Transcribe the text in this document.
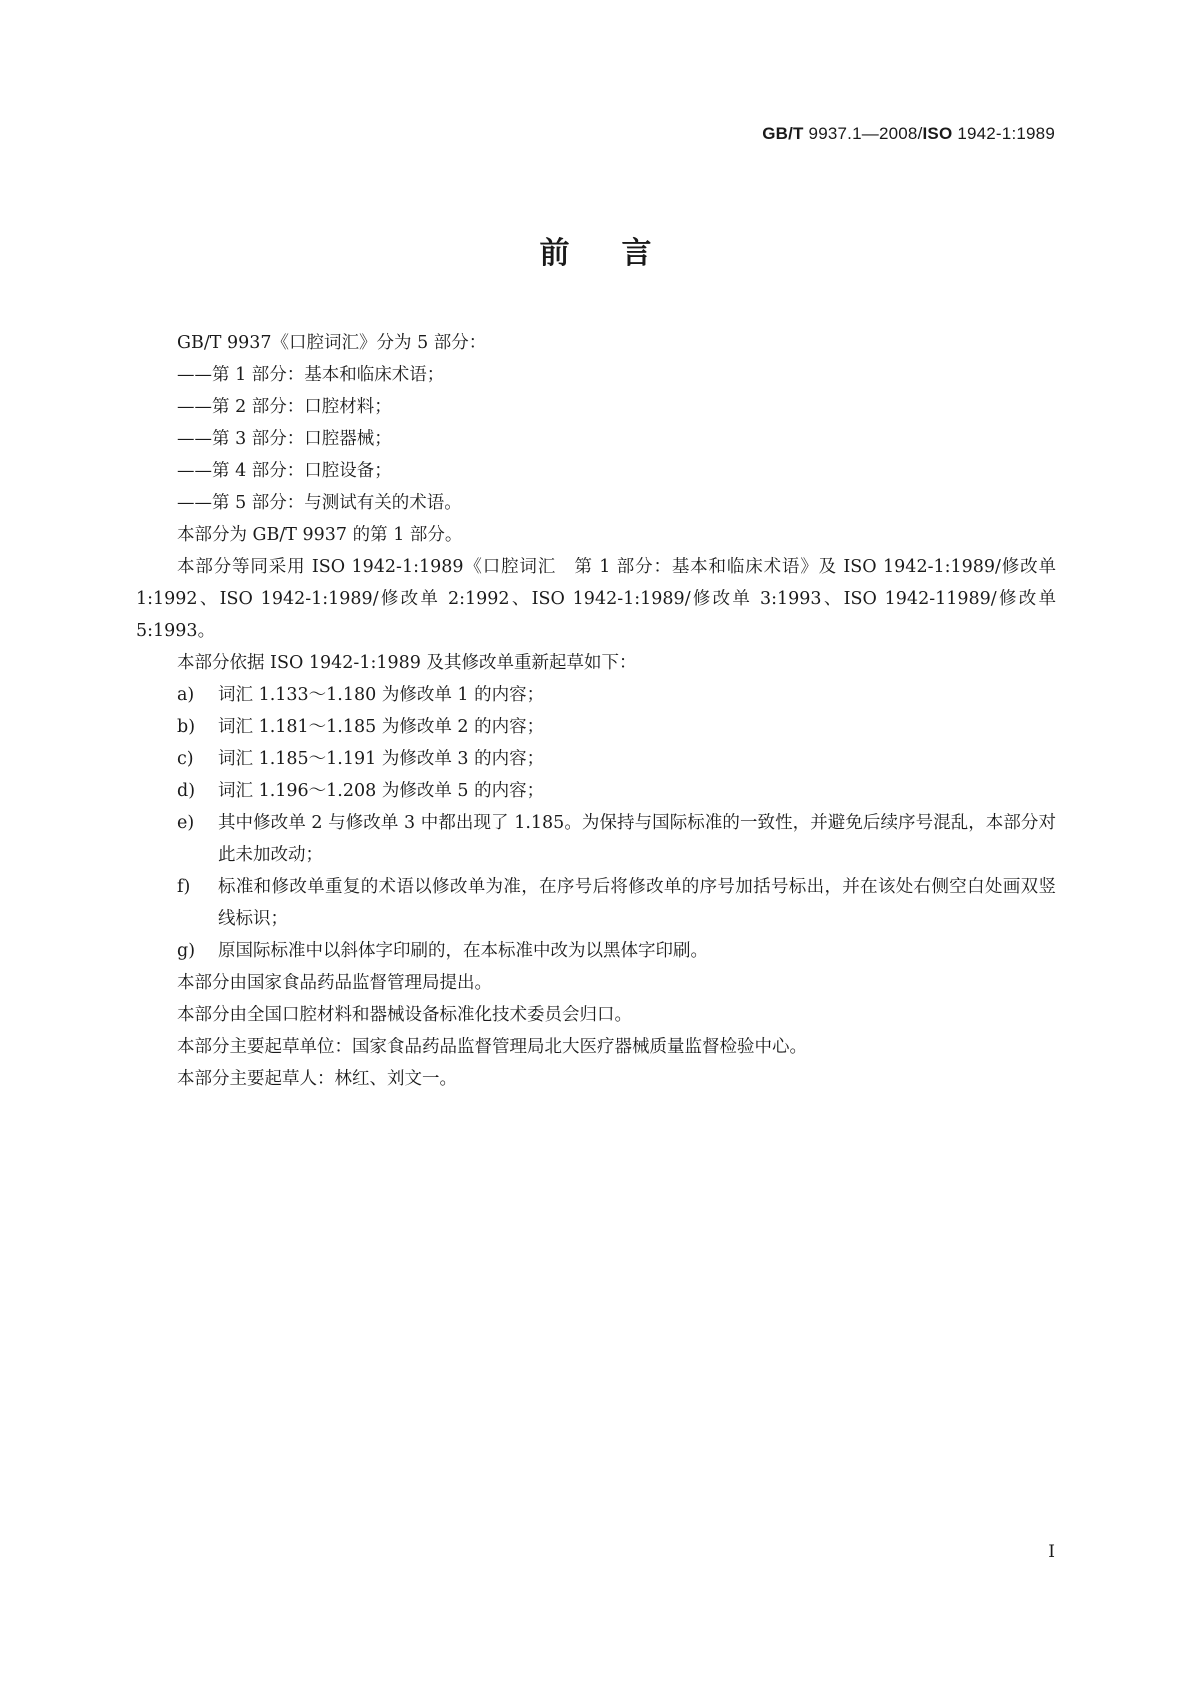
GB/T 9937.1—2008/ISO 1942-1:1989
前言

GB/T 9937《口腔词汇》分为 5 部分：

——第 1 部分：基本和临床术语；

——第 2 部分：口腔材料；

——第 3 部分：口腔器械；

——第 4 部分：口腔设备；

——第 5 部分：与测试有关的术语。

本部分为 GB/T 9937 的第 1 部分。

本部分等同采用 ISO 1942-1:1989《口腔词汇　第 1 部分：基本和临床术语》及 ISO 1942-1:1989/修改单 1:1992、ISO 1942-1:1989/修改单 2:1992、ISO 1942-1:1989/修改单 3:1993、ISO 1942-11989/修改单 5:1993。

本部分依据 ISO 1942-1:1989 及其修改单重新起草如下：

a) 词汇 1.133～1.180 为修改单 1 的内容；
b) 词汇 1.181～1.185 为修改单 2 的内容；
c) 词汇 1.185～1.191 为修改单 3 的内容；
d) 词汇 1.196～1.208 为修改单 5 的内容；
e) 其中修改单 2 与修改单 3 中都出现了 1.185。为保持与国际标准的一致性，并避免后续序号混乱，本部分对此未加改动；
f) 标准和修改单重复的术语以修改单为准，在序号后将修改单的序号加括号标出，并在该处右侧空白处画双竖线标识；
g) 原国际标准中以斜体字印刷的，在本标准中改为以黑体字印刷。

本部分由国家食品药品监督管理局提出。

本部分由全国口腔材料和器械设备标准化技术委员会归口。

本部分主要起草单位：国家食品药品监督管理局北大医疗器械质量监督检验中心。

本部分主要起草人：林红、刘文一。

I
